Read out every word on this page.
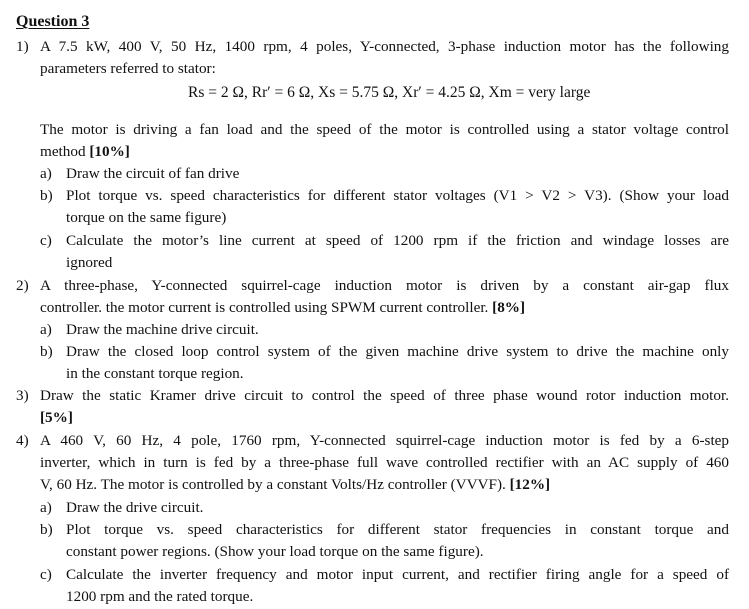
Question 3
1) A 7.5 kW, 400 V, 50 Hz, 1400 rpm, 4 poles, Y-connected, 3-phase induction motor has the following
parameters referred to stator:
Rs = 2 Ω, Rr′ = 6 Ω, Xs = 5.75 Ω, Xr′ = 4.25 Ω, Xm = very large
The motor is driving a fan load and the speed of the motor is controlled using a stator voltage control
method [10%]
a) Draw the circuit of fan drive
b) Plot torque vs. speed characteristics for different stator voltages (V1 > V2 > V3). (Show your load
torque on the same figure)
c) Calculate the motor’s line current at speed of 1200 rpm if the friction and windage losses are
ignored
2) A three-phase, Y-connected squirrel-cage induction motor is driven by a constant air-gap flux
controller. the motor current is controlled using SPWM current controller. [8%]
a) Draw the machine drive circuit.
b) Draw the closed loop control system of the given machine drive system to drive the machine only
in the constant torque region.
3) Draw the static Kramer drive circuit to control the speed of three phase wound rotor induction motor.
[5%]
4) A 460 V, 60 Hz, 4 pole, 1760 rpm, Y-connected squirrel-cage induction motor is fed by a 6-step
inverter, which in turn is fed by a three-phase full wave controlled rectifier with an AC supply of 460
V, 60 Hz. The motor is controlled by a constant Volts/Hz controller (VVVF). [12%]
a) Draw the drive circuit.
b) Plot torque vs. speed characteristics for different stator frequencies in constant torque and
constant power regions. (Show your load torque on the same figure).
c) Calculate the inverter frequency and motor input current, and rectifier firing angle for a speed of
1200 rpm and the rated torque.
